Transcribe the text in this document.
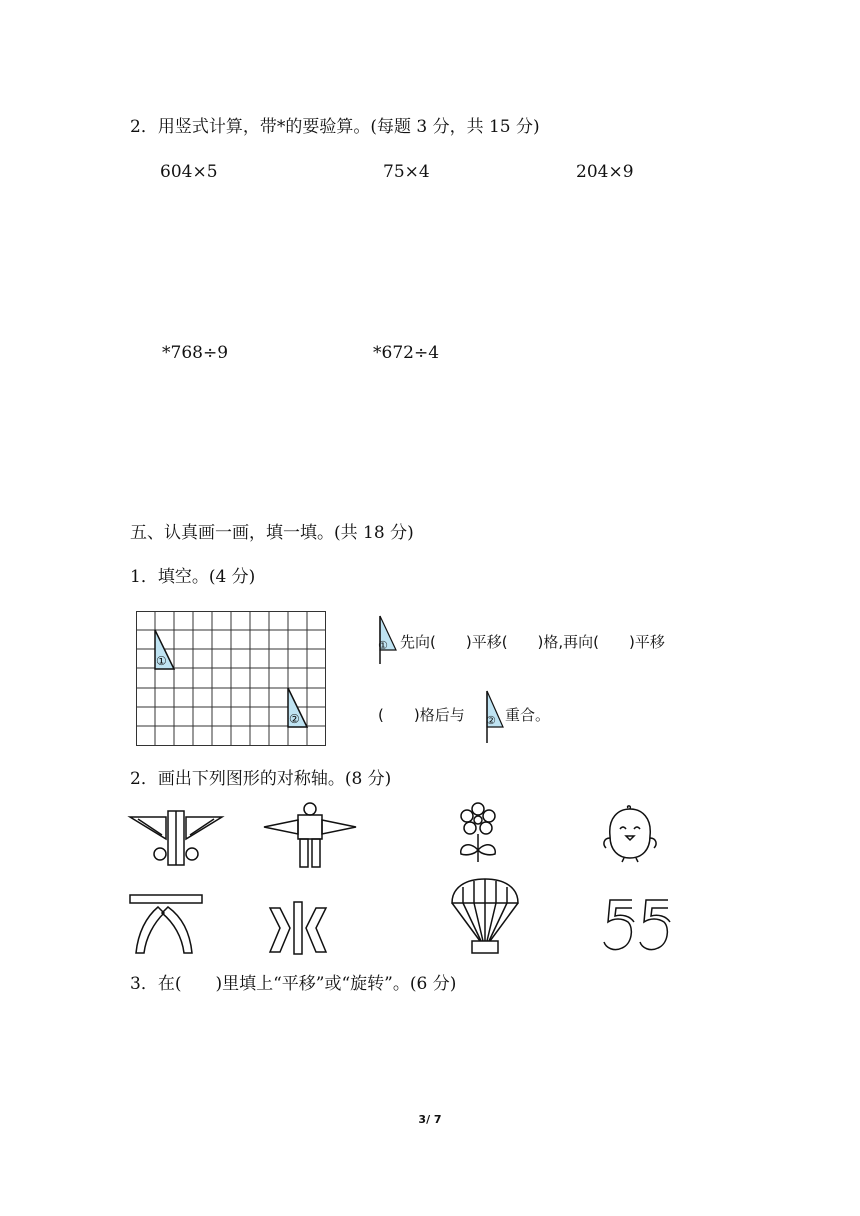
2．用竖式计算，带*的要验算。(每题 3 分，共 15 分)
604×5	75×4	204×9
*768÷9	*672÷4
五、认真画一画，填一填。(共 18 分)
1．填空。(4 分)
①
②
① 先向(　　)平移(　　)格,再向(　　)平移
(　　)格后与 ② 重合。
2．画出下列图形的对称轴。(8 分)
3．在(　　)里填上“平移”或“旋转”。(6 分)
3/ 7
